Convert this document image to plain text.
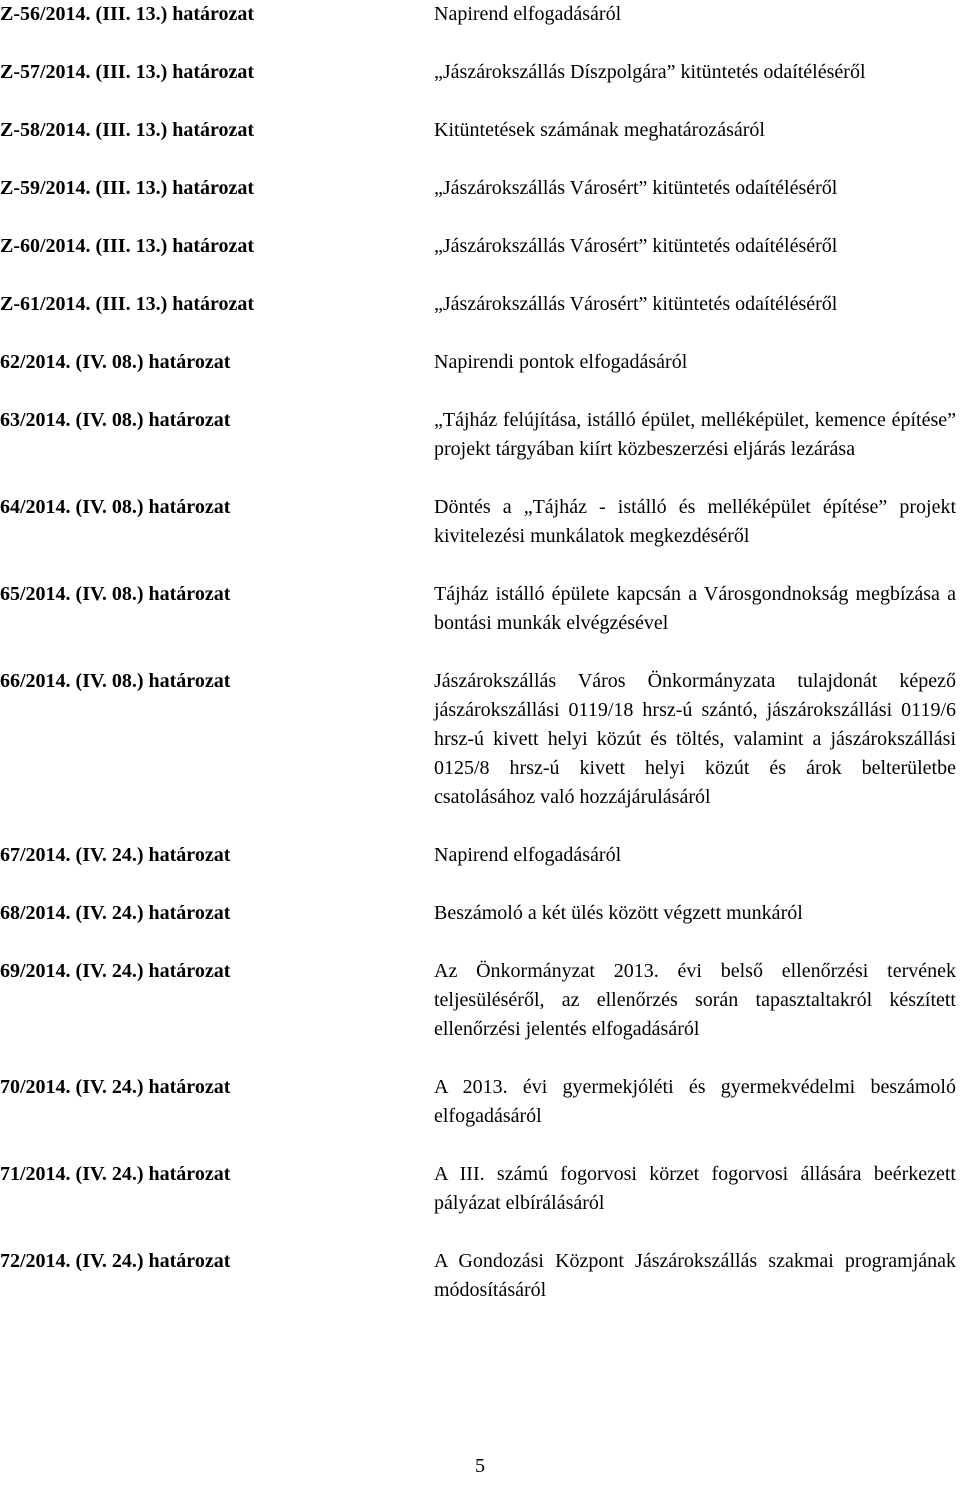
Z-56/2014. (III. 13.) határozat	Napirend elfogadásáról
Z-57/2014. (III. 13.) határozat	„Jászárokszállás Díszpolgára” kitüntetés odaítéléséről
Z-58/2014. (III. 13.) határozat	Kitüntetések számának meghatározásáról
Z-59/2014. (III. 13.) határozat	„Jászárokszállás Városért” kitüntetés odaítéléséről
Z-60/2014. (III. 13.) határozat	„Jászárokszállás Városért” kitüntetés odaítéléséről
Z-61/2014. (III. 13.) határozat	„Jászárokszállás Városért” kitüntetés odaítéléséről
62/2014. (IV. 08.) határozat	Napirendi pontok elfogadásáról
63/2014. (IV. 08.) határozat	„Tájház felújítása, istálló épület, melléképület, kemence építése” projekt tárgyában kiírt közbeszerzési eljárás lezárása
64/2014. (IV. 08.) határozat	Döntés a „Tájház - istálló és melléképület építése” projekt kivitelezési munkálatok megkezdéséről
65/2014. (IV. 08.) határozat	Tájház istálló épülete kapcsán a Városgondnokság megbízása a bontási munkák elvégzésével
66/2014. (IV. 08.) határozat	Jászárokszállás Város Önkormányzata tulajdonát képező jászárokszállási 0119/18 hrsz-ú szántó, jászárokszállási 0119/6 hrsz-ú kivett helyi közút és töltés, valamint a jászárokszállási 0125/8 hrsz-ú kivett helyi közút és árok belterületbe csatolásához való hozzájárulásáról
67/2014. (IV. 24.) határozat	Napirend elfogadásáról
68/2014. (IV. 24.) határozat	Beszámoló a két ülés között végzett munkáról
69/2014. (IV. 24.) határozat	Az Önkormányzat 2013. évi belső ellenőrzési tervének teljesüléséről, az ellenőrzés során tapasztaltakról készített ellenőrzési jelentés elfogadásáról
70/2014. (IV. 24.) határozat	A 2013. évi gyermekjóléti és gyermekvédelmi beszámoló elfogadásáról
71/2014. (IV. 24.) határozat	A III. számú fogorvosi körzet fogorvosi állására beérkezett pályázat elbírálásáról
72/2014. (IV. 24.) határozat	A Gondozási Központ Jászárokszállás szakmai programjának módosításáról
5
